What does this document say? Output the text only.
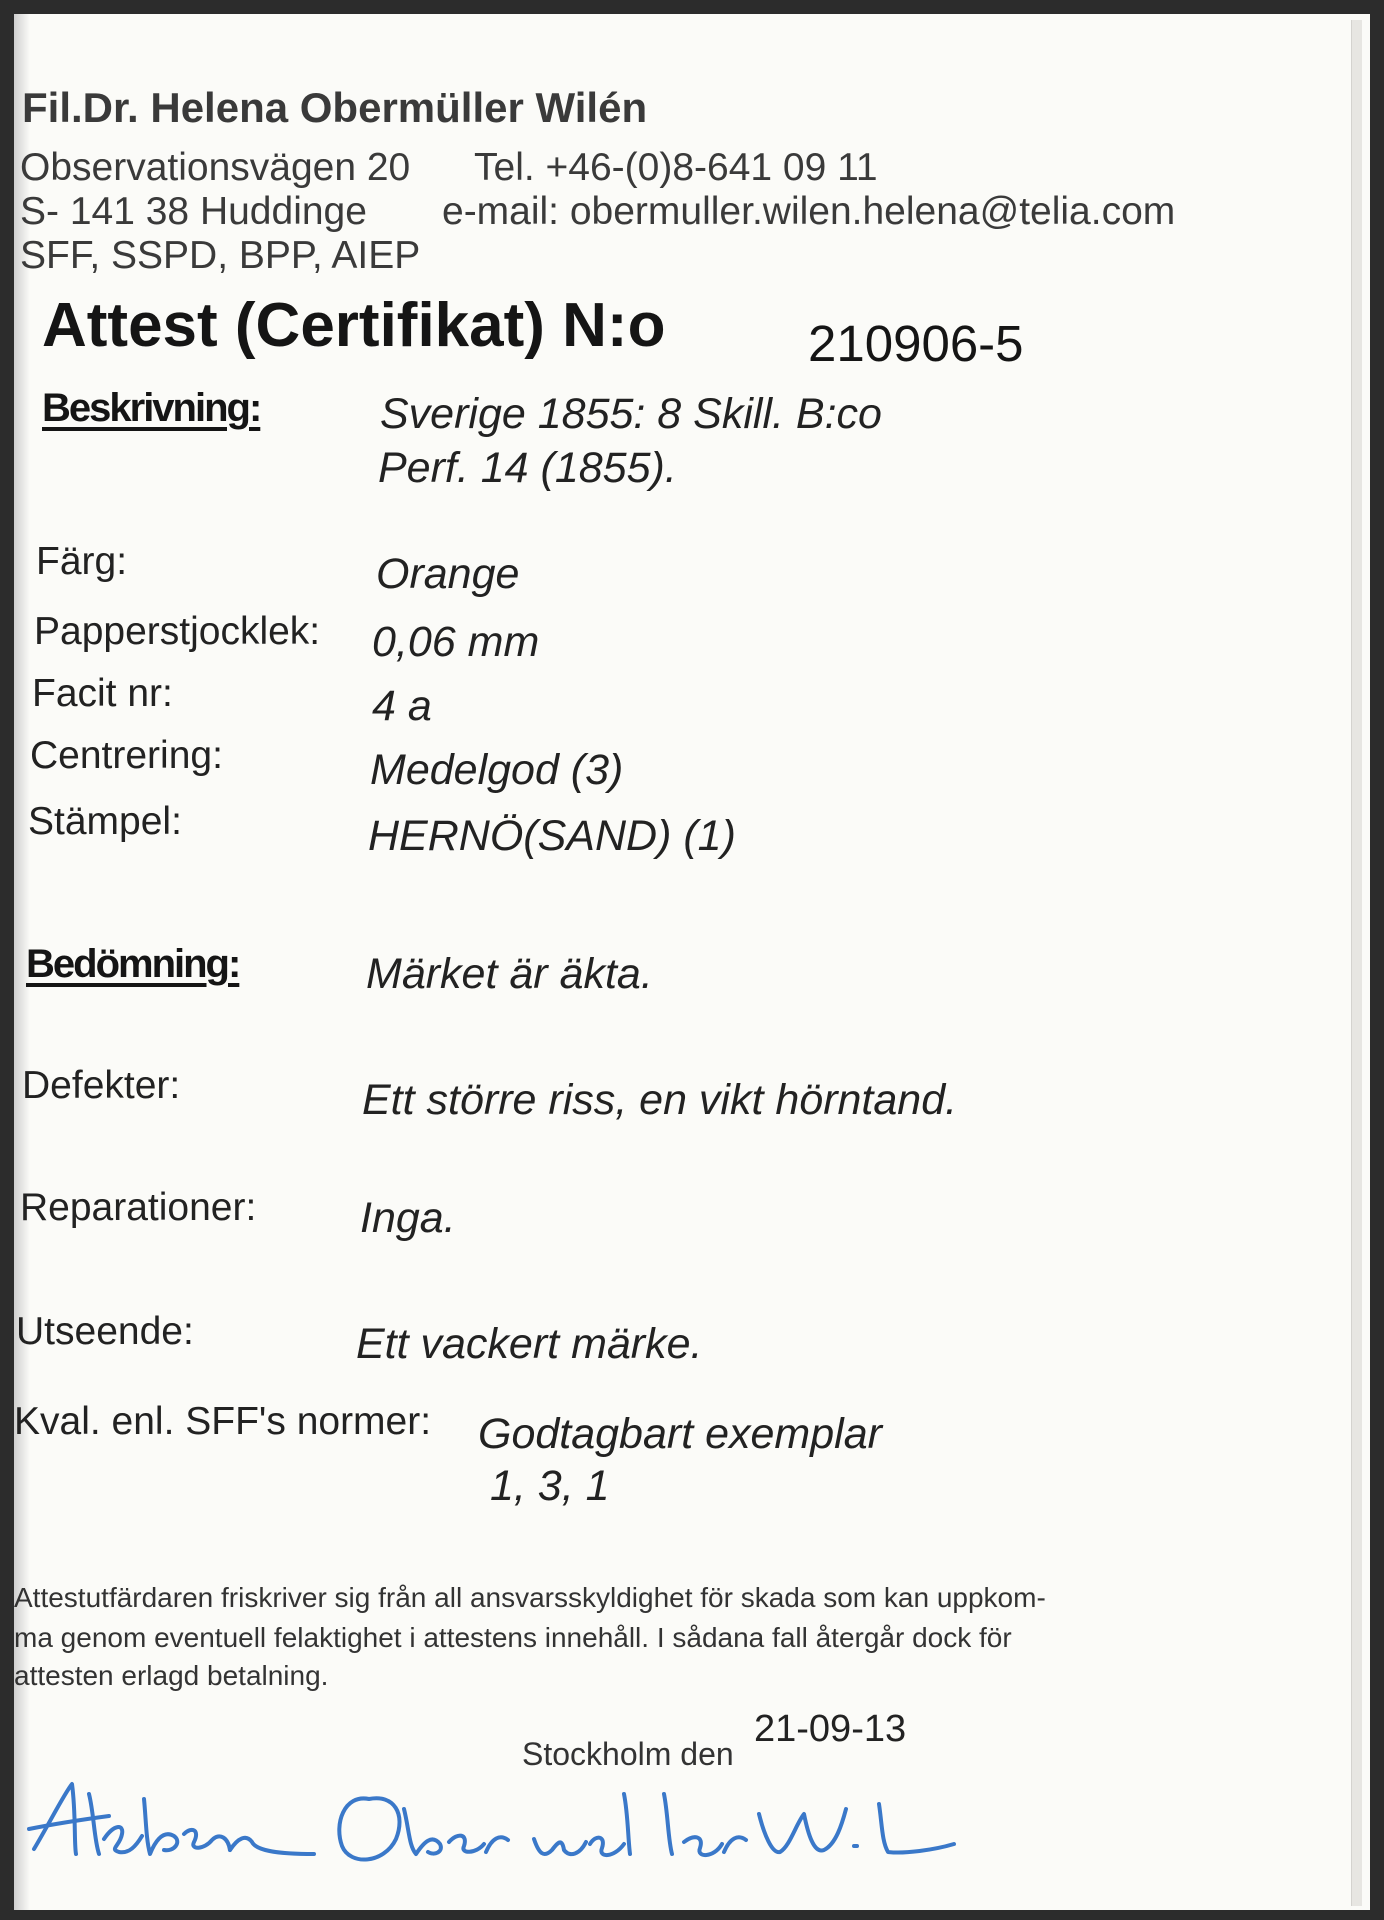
Fil.Dr. Helena Obermüller Wilén

Observationsvägen 20 Tel. +46-(0)8-641 09 11

S- 141 38 Huddinge e-mail: obermuller.wilen.helena@telia.com

SFF, SSPD, BPP, AIEP

Attest (Certifikat) N:o	210906-5

Beskrivning:	Sverige 1855: 8 Skill. B:co

Perf. 14 (1855).

Färg:	Orange

Papperstjocklek: 0,06 mm

Facit nr:	4 a

Centrering:	Medelgod (3)

Stämpel:	HERNÖ(SAND) (1)

Bedömning:	Märket är äkta.

Defekter:	Ett större riss, en vikt hörntand.

Reparationer: Inga.

Utseende:	Ett vackert märke.

Kval. enl. SFF's normer: Godtagbart exemplar

1, 3, 1

Attestutfärdaren friskriver sig från all ansvarsskyldighet för skada som kan uppkom-

ma genom eventuell felaktighet i attestens innehåll. I sådana fall återgår dock för

attesten erlagd betalning.

21-09-13

Stockholm den
